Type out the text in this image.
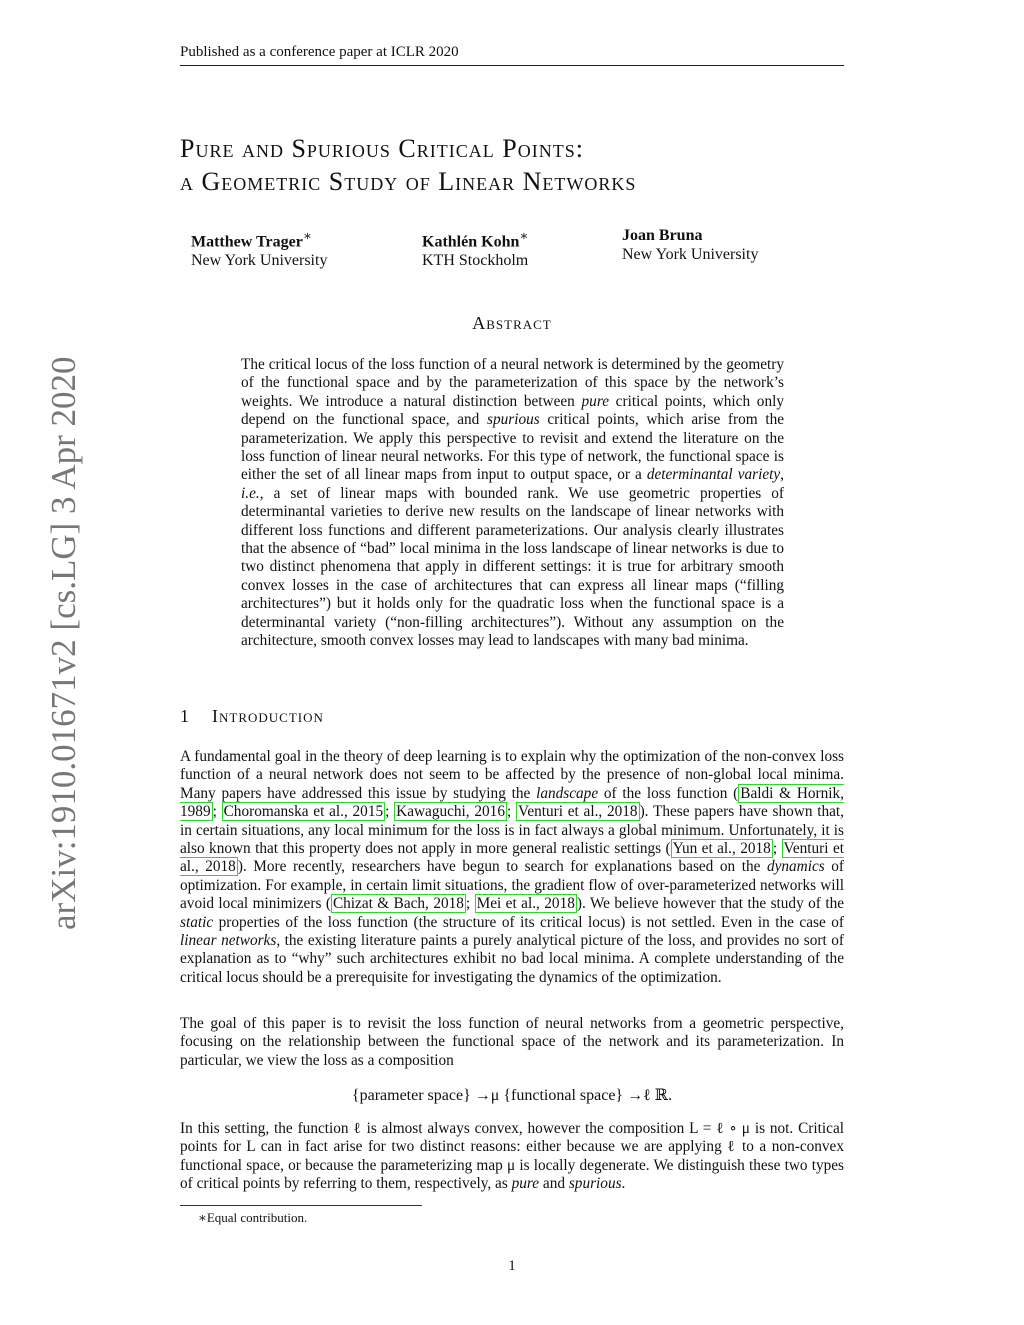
Published as a conference paper at ICLR 2020
Pure and Spurious Critical Points:
a Geometric Study of Linear Networks
Matthew Trager∗
New York University
Kathlén Kohn∗
KTH Stockholm
Joan Bruna
New York University
arXiv:1910.01671v2 [cs.LG] 3 Apr 2020
Abstract
The critical locus of the loss function of a neural network is determined by the geometry of the functional space and by the parameterization of this space by the network’s weights. We introduce a natural distinction between pure critical points, which only depend on the functional space, and spurious critical points, which arise from the parameterization. We apply this perspective to revisit and extend the literature on the loss function of linear neural networks. For this type of network, the functional space is either the set of all linear maps from input to output space, or a determinantal variety, i.e., a set of linear maps with bounded rank. We use geometric properties of determinantal varieties to derive new results on the landscape of linear networks with different loss functions and different parameterizations. Our analysis clearly illustrates that the absence of “bad” local minima in the loss landscape of linear networks is due to two distinct phenomena that apply in different settings: it is true for arbitrary smooth convex losses in the case of architectures that can express all linear maps (“filling architectures”) but it holds only for the quadratic loss when the functional space is a determinantal variety (“non-filling architectures”). Without any assumption on the architecture, smooth convex losses may lead to landscapes with many bad minima.
1 Introduction
A fundamental goal in the theory of deep learning is to explain why the optimization of the non-convex loss function of a neural network does not seem to be affected by the presence of non-global local minima. Many papers have addressed this issue by studying the landscape of the loss function ( Baldi & Hornik, 1989 ; Choromanska et al., 2015 ; Kawaguchi, 2016 ; Venturi et al., 2018 ). These papers have shown that, in certain situations, any local minimum for the loss is in fact always a global minimum. Unfortunately, it is also known that this property does not apply in more general realistic settings ( Yun et al., 2018 ; Venturi et al., 2018 ). More recently, researchers have begun to search for explanations based on the dynamics of optimization. For example, in certain limit situations, the gradient flow of over-parameterized networks will avoid local minimizers ( Chizat & Bach, 2018 ; Mei et al., 2018 ). We believe however that the study of the static properties of the loss function (the structure of its critical locus) is not settled. Even in the case of linear networks, the existing literature paints a purely analytical picture of the loss, and provides no sort of explanation as to “why” such architectures exhibit no bad local minima. A complete understanding of the critical locus should be a prerequisite for investigating the dynamics of the optimization.
The goal of this paper is to revisit the loss function of neural networks from a geometric perspective, focusing on the relationship between the functional space of the network and its parameterization. In particular, we view the loss as a composition
{parameter space} →μ {functional space} →ℓ ℝ.
In this setting, the function ℓ is almost always convex, however the composition L = ℓ ∘ μ is not. Critical points for L can in fact arise for two distinct reasons: either because we are applying ℓ to a non-convex functional space, or because the parameterizing map μ is locally degenerate. We distinguish these two types of critical points by referring to them, respectively, as pure and spurious.
∗Equal contribution.
1
